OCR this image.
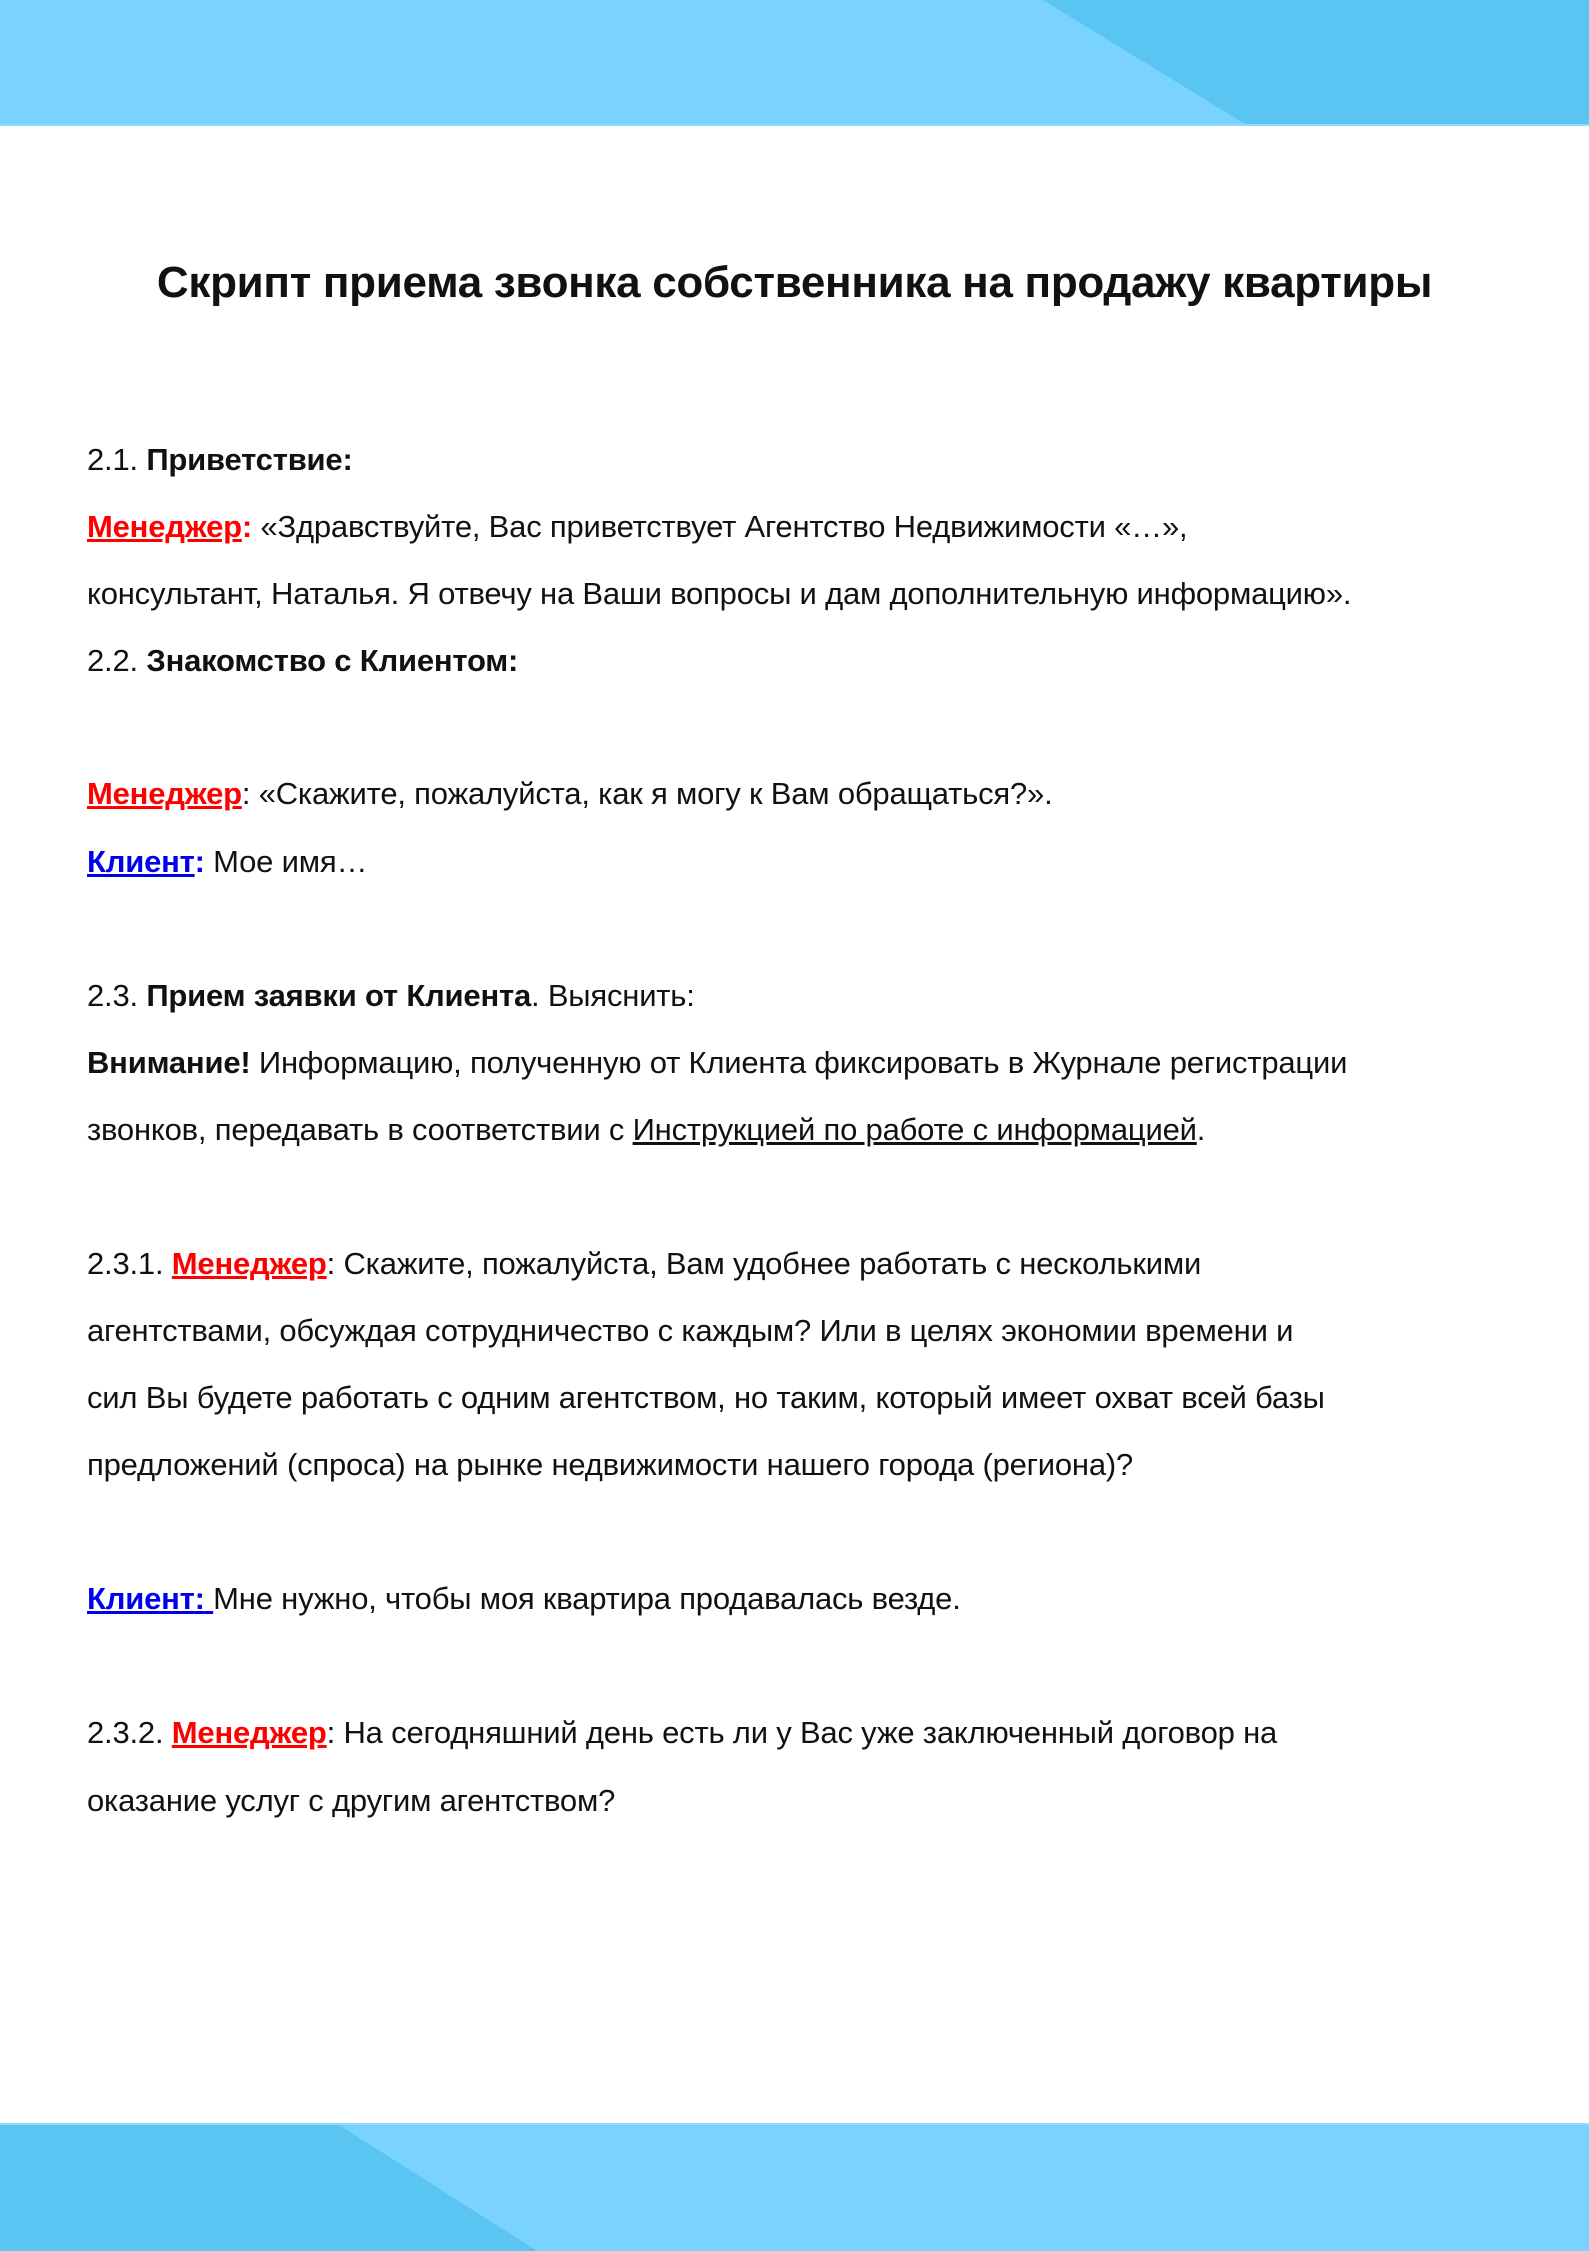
Скрипт приема звонка собственника на продажу квартиры
2.1. Приветствие:
Менеджер: «Здравствуйте, Вас приветствует Агентство Недвижимости «…»,
консультант, Наталья. Я отвечу на Ваши вопросы и дам дополнительную информацию».
2.2. Знакомство с Клиентом:
Менеджер: «Скажите, пожалуйста, как я могу к Вам обращаться?».
Клиент: Мое имя…
2.3. Прием заявки от Клиента. Выяснить:
Внимание! Информацию, полученную от Клиента фиксировать в Журнале регистрации
звонков, передавать в соответствии с Инструкцией по работе с информацией.
2.3.1. Менеджер: Скажите, пожалуйста, Вам удобнее работать с несколькими
агентствами, обсуждая сотрудничество с каждым? Или в целях экономии времени и
сил Вы будете работать с одним агентством, но таким, который имеет охват всей базы
предложений (спроса) на рынке недвижимости нашего города (региона)?
Клиент: Мне нужно, чтобы моя квартира продавалась везде.
2.3.2. Менеджер: На сегодняшний день есть ли у Вас уже заключенный договор на
оказание услуг с другим агентством?
